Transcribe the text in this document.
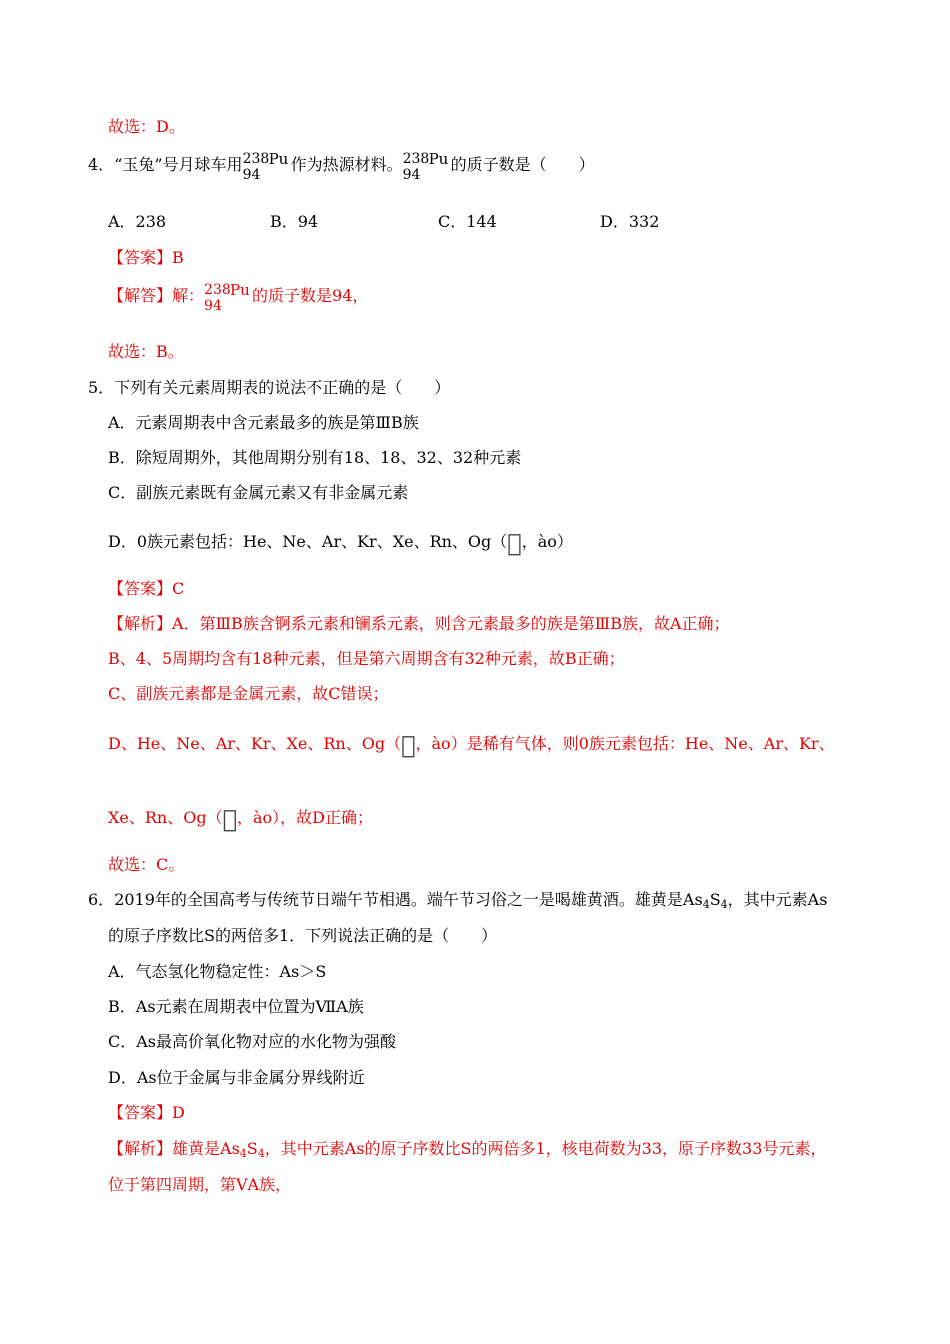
故选：D。
4．“玉兔”号月球车用 238 Pu
94
作为热源材料。 238 Pu
94
的质子数是（　　）
A．238	B．94	C．144	D．332
【答案】B
【解答】解： 238 Pu
94
的质子数是94，
故选：B。
5．下列有关元素周期表的说法不正确的是（　　）
A．元素周期表中含元素最多的族是第ⅢB族
B．除短周期外，其他周期分别有18、18、32、32种元素
C．副族元素既有金属元素又有非金属元素
D．0族元素包括：He、Ne、Ar、Kr、Xe、Rn、Og（𰾏，ào）
【答案】C
【解析】A．第ⅢB族含锕系元素和镧系元素，则含元素最多的族是第ⅢB族，故A正确；
B、4、5周期均含有18种元素，但是第六周期含有32种元素，故B正确；
C、副族元素都是金属元素，故C错误；
D、He、Ne、Ar、Kr、Xe、Rn、Og（𰾏，ào）是稀有气体，则0族元素包括：He、Ne、Ar、Kr、
Xe、Rn、Og（𰾏，ào），故D正确；
故选：C。
6．2019年的全国高考与传统节日端午节相遇。端午节习俗之一是喝雄黄酒。雄黄是$As_4S_4$，其中元素As
的原子序数比S的两倍多1．下列说法正确的是（　　）
A．气态氢化物稳定性：As＞S
B．As元素在周期表中位置为ⅦA族
C．As最高价氧化物对应的水化物为强酸
D．As位于金属与非金属分界线附近
【答案】D
【解析】雄黄是$As_4S_4$，其中元素As的原子序数比S的两倍多1，核电荷数为33，原子序数33号元素，
位于第四周期，第ⅤA族，
